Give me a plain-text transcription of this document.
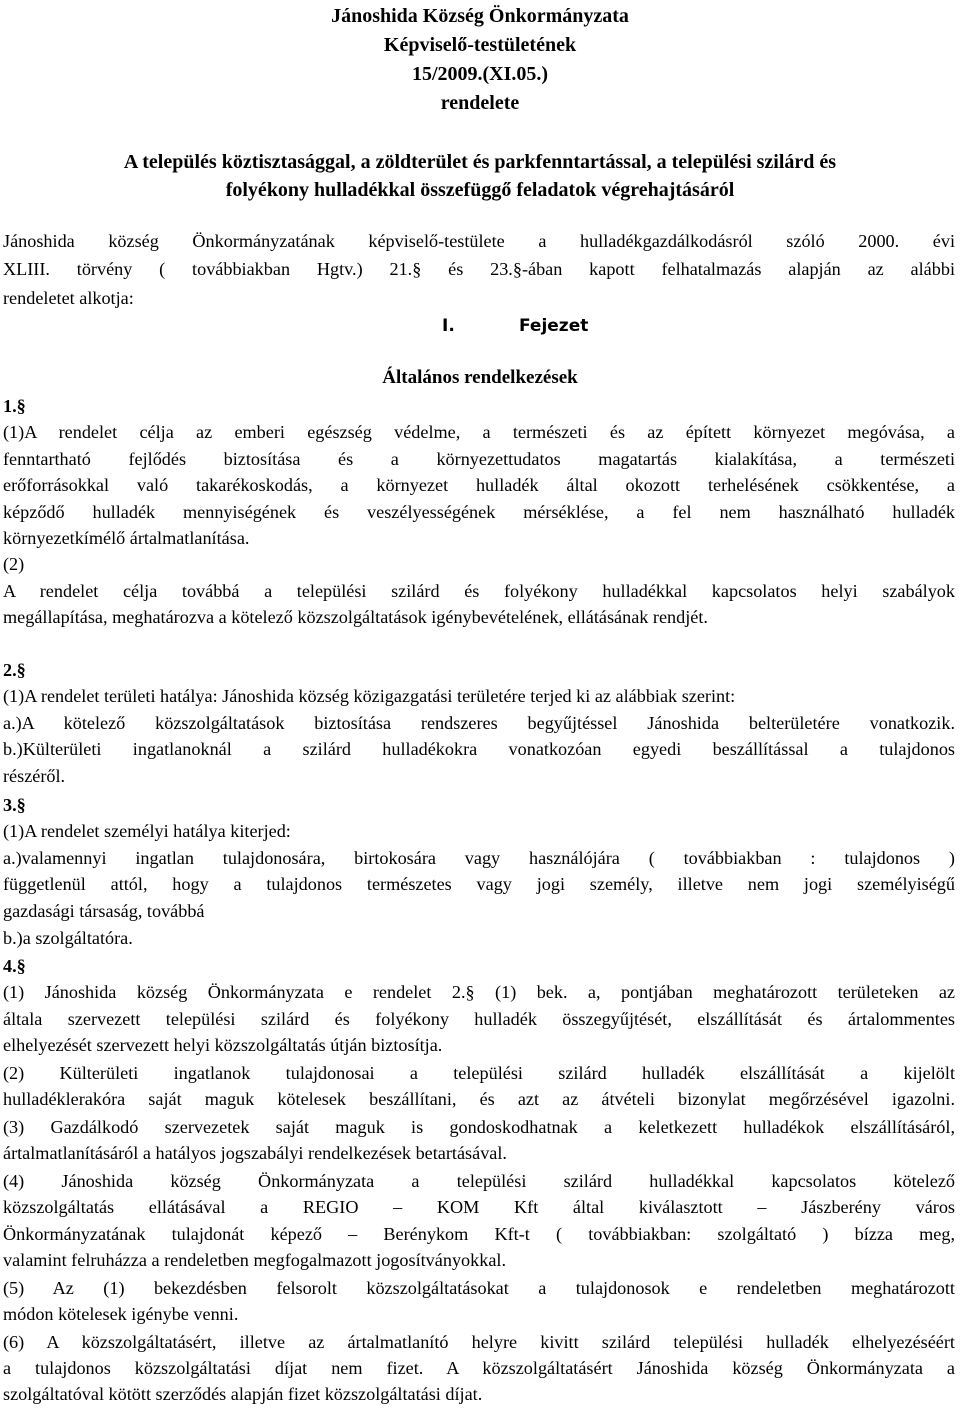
Jánoshida Község Önkormányzata
Képviselő-testületének
15/2009.(XI.05.)
rendelete
A település köztisztasággal, a zöldterület és parkfenntartással, a települési szilárd és
folyékony hulladékkal összefüggő feladatok végrehajtásáról
Jánoshida község Önkormányzatának képviselő-testülete a hulladékgazdálkodásról szóló 2000. évi
XLIII. törvény ( továbbiakban Hgtv.) 21.§ és 23.§-ában kapott felhatalmazás alapján az alábbi
rendeletet alkotja:
I.	Fejezet
Általános rendelkezések
1.§
(1)A rendelet célja az emberi egészség védelme, a természeti és az épített környezet megóvása, a
fenntartható fejlődés biztosítása és a környezettudatos magatartás kialakítása, a természeti
erőforrásokkal való takarékoskodás, a környezet hulladék által okozott terhelésének csökkentése, a
képződő hulladék mennyiségének és veszélyességének mérséklése, a fel nem használható hulladék
környezetkímélő ártalmatlanítása.
(2)
A rendelet célja továbbá a települési szilárd és folyékony hulladékkal kapcsolatos helyi szabályok
megállapítása, meghatározva a kötelező közszolgáltatások igénybevételének, ellátásának rendjét.
2.§
(1)A rendelet területi hatálya: Jánoshida község közigazgatási területére terjed ki az alábbiak szerint:
a.)A kötelező közszolgáltatások biztosítása rendszeres begyűjtéssel Jánoshida belterületére vonatkozik.
b.)Külterületi ingatlanoknál a szilárd hulladékokra vonatkozóan egyedi beszállítással a tulajdonos
részéről.
3.§
(1)A rendelet személyi hatálya kiterjed:
a.)valamennyi ingatlan tulajdonosára, birtokosára vagy használójára ( továbbiakban : tulajdonos )
függetlenül attól, hogy a tulajdonos természetes vagy jogi személy, illetve nem jogi személyiségű
gazdasági társaság, továbbá
b.)a szolgáltatóra.
4.§
(1) Jánoshida község Önkormányzata e rendelet 2.§ (1) bek. a, pontjában meghatározott területeken az
általa szervezett települési szilárd és folyékony hulladék összegyűjtését, elszállítását és ártalommentes
elhelyezését szervezett helyi közszolgáltatás útján biztosítja.
(2) Külterületi ingatlanok tulajdonosai a települési szilárd hulladék elszállítását a kijelölt
hulladéklerakóra saját maguk kötelesek beszállítani, és azt az átvételi bizonylat megőrzésével igazolni.
(3) Gazdálkodó szervezetek saját maguk is gondoskodhatnak a keletkezett hulladékok elszállításáról,
ártalmatlanításáról a hatályos jogszabályi rendelkezések betartásával.
(4) Jánoshida község Önkormányzata a települési szilárd hulladékkal kapcsolatos kötelező
közszolgáltatás ellátásával a REGIO – KOM Kft által kiválasztott – Jászberény város
Önkormányzatának tulajdonát képező – Berénykom Kft-t ( továbbiakban: szolgáltató ) bízza meg,
valamint felruházza a rendeletben megfogalmazott jogosítványokkal.
(5) Az (1) bekezdésben felsorolt közszolgáltatásokat a tulajdonosok e rendeletben meghatározott
módon kötelesek igénybe venni.
(6) A közszolgáltatásért, illetve az ártalmatlanító helyre kivitt szilárd települési hulladék elhelyezéséért
a tulajdonos közszolgáltatási díjat nem fizet. A közszolgáltatásért Jánoshida község Önkormányzata a
szolgáltatóval kötött szerződés alapján fizet közszolgáltatási díjat.
